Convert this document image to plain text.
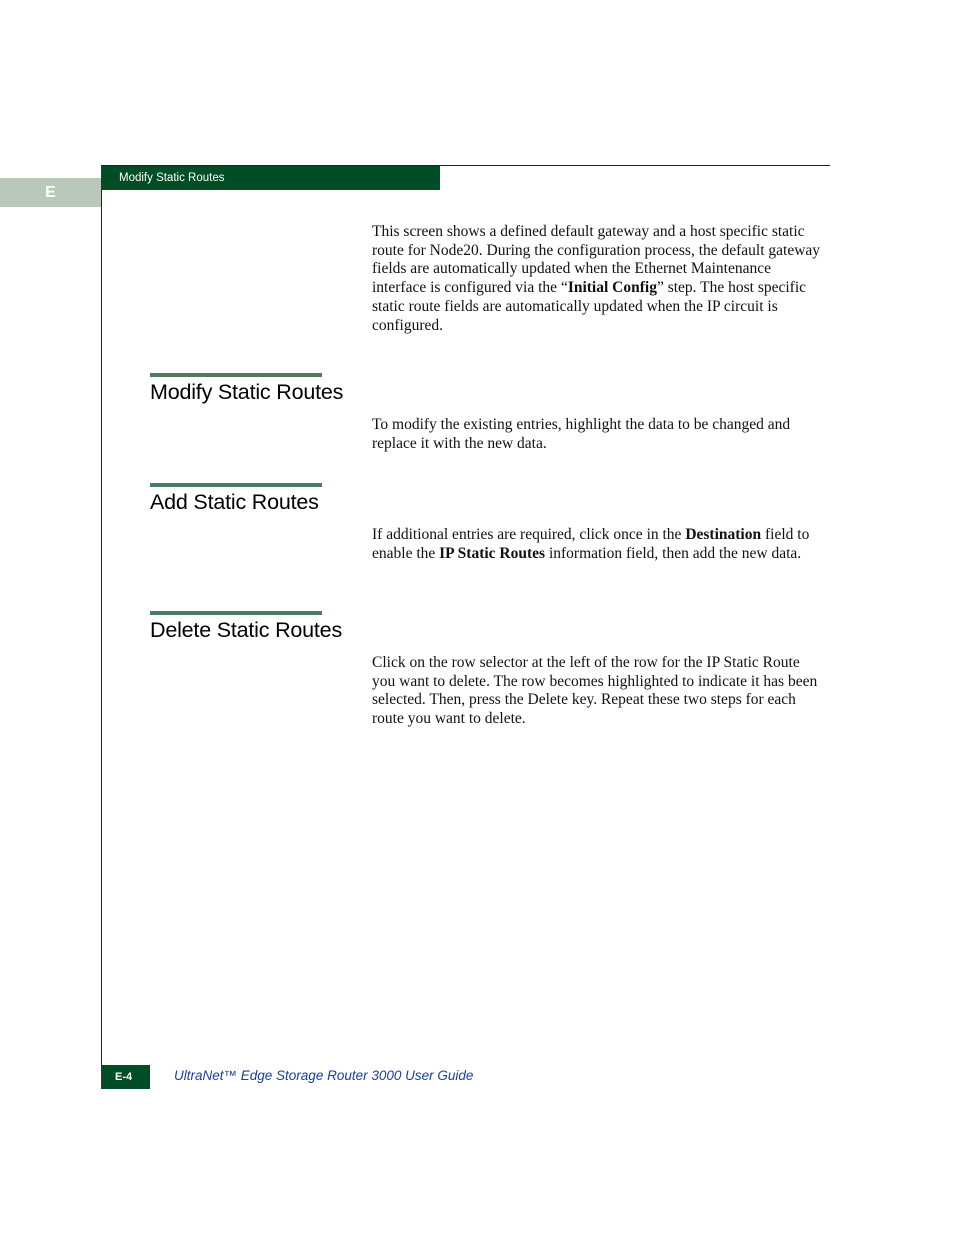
Modify Static Routes
E

This screen shows a defined default gateway and a host specific static route for Node20. During the configuration process, the default gateway fields are automatically updated when the Ethernet Maintenance interface is configured via the “Initial Config” step. The host specific static route fields are automatically updated when the IP circuit is configured.

Modify Static Routes

To modify the existing entries, highlight the data to be changed and replace it with the new data.

Add Static Routes

If additional entries are required, click once in the Destination field to enable the IP Static Routes information field, then add the new data.

Delete Static Routes

Click on the row selector at the left of the row for the IP Static Route you want to delete. The row becomes highlighted to indicate it has been selected. Then, press the Delete key. Repeat these two steps for each route you want to delete.

E-4	UltraNet™ Edge Storage Router 3000 User Guide
